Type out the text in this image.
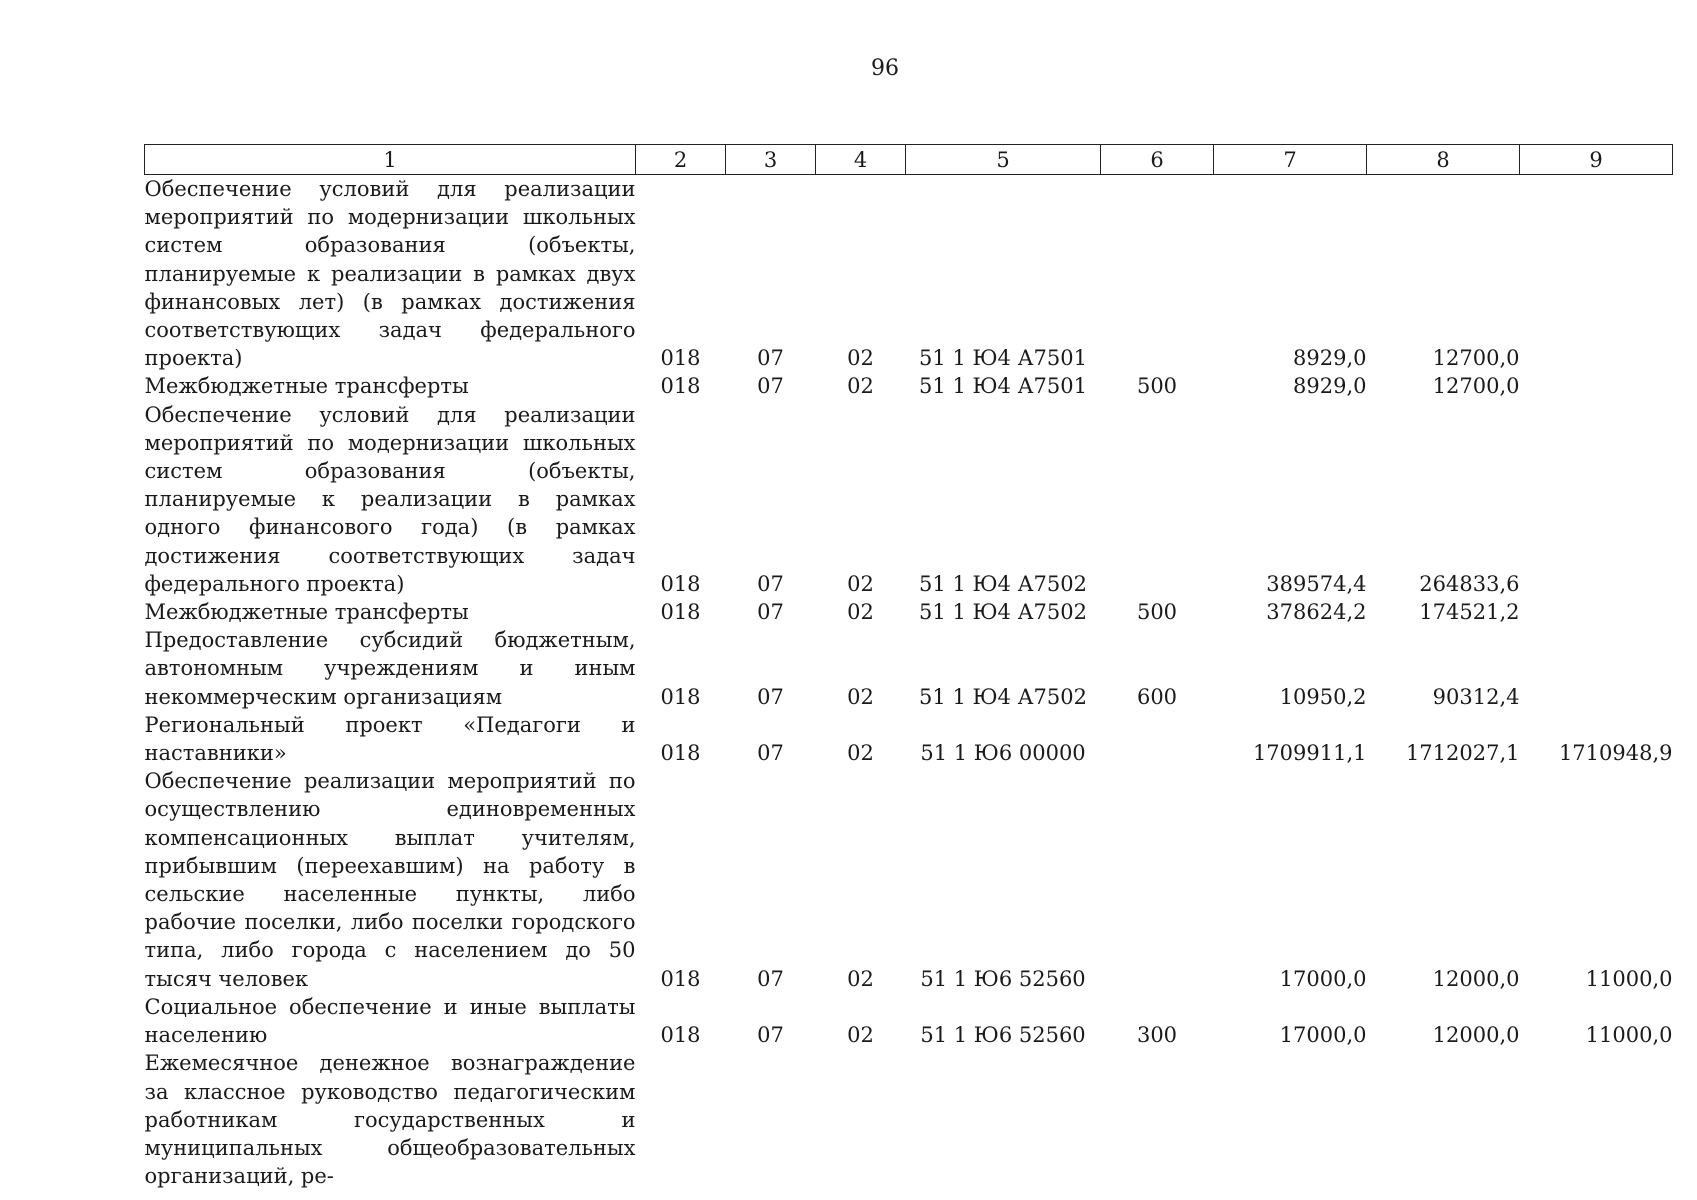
96
1	2	3	4	5	6	7	8	9
Обеспечение условий для реализации мероприятий по модернизации школьных систем образования (объекты, планируемые к реализации в рамках двух финансовых лет) (в рамках достижения соответствующих задач федерального проекта)	018	07	02	51 1 Ю4 А7501		8929,0	12700,0	
Межбюджетные трансферты	018	07	02	51 1 Ю4 А7501	500	8929,0	12700,0	
Обеспечение условий для реализации мероприятий по модернизации школьных систем образования (объекты, планируемые к реализации в рамках одного финансового года) (в рамках достижения соответствующих задач федерального проекта)	018	07	02	51 1 Ю4 А7502		389574,4	264833,6	
Межбюджетные трансферты	018	07	02	51 1 Ю4 А7502	500	378624,2	174521,2	
Предоставление субсидий бюджетным, автономным учреждениям и иным некоммерческим организациям	018	07	02	51 1 Ю4 А7502	600	10950,2	90312,4	
Региональный проект «Педагоги и наставники»	018	07	02	51 1 Ю6 00000		1709911,1	1712027,1	1710948,9
Обеспечение реализации мероприятий по осуществлению единовременных компенсационных выплат учителям, прибывшим (переехавшим) на работу в сельские населенные пункты, либо рабочие поселки, либо поселки городского типа, либо города с населением до 50 тысяч человек	018	07	02	51 1 Ю6 52560		17000,0	12000,0	11000,0
Социальное обеспечение и иные выплаты населению	018	07	02	51 1 Ю6 52560	300	17000,0	12000,0	11000,0
Ежемесячное денежное вознаграждение за классное руководство педагогическим работникам государственных и муниципальных общеобразовательных организаций, ре-								
